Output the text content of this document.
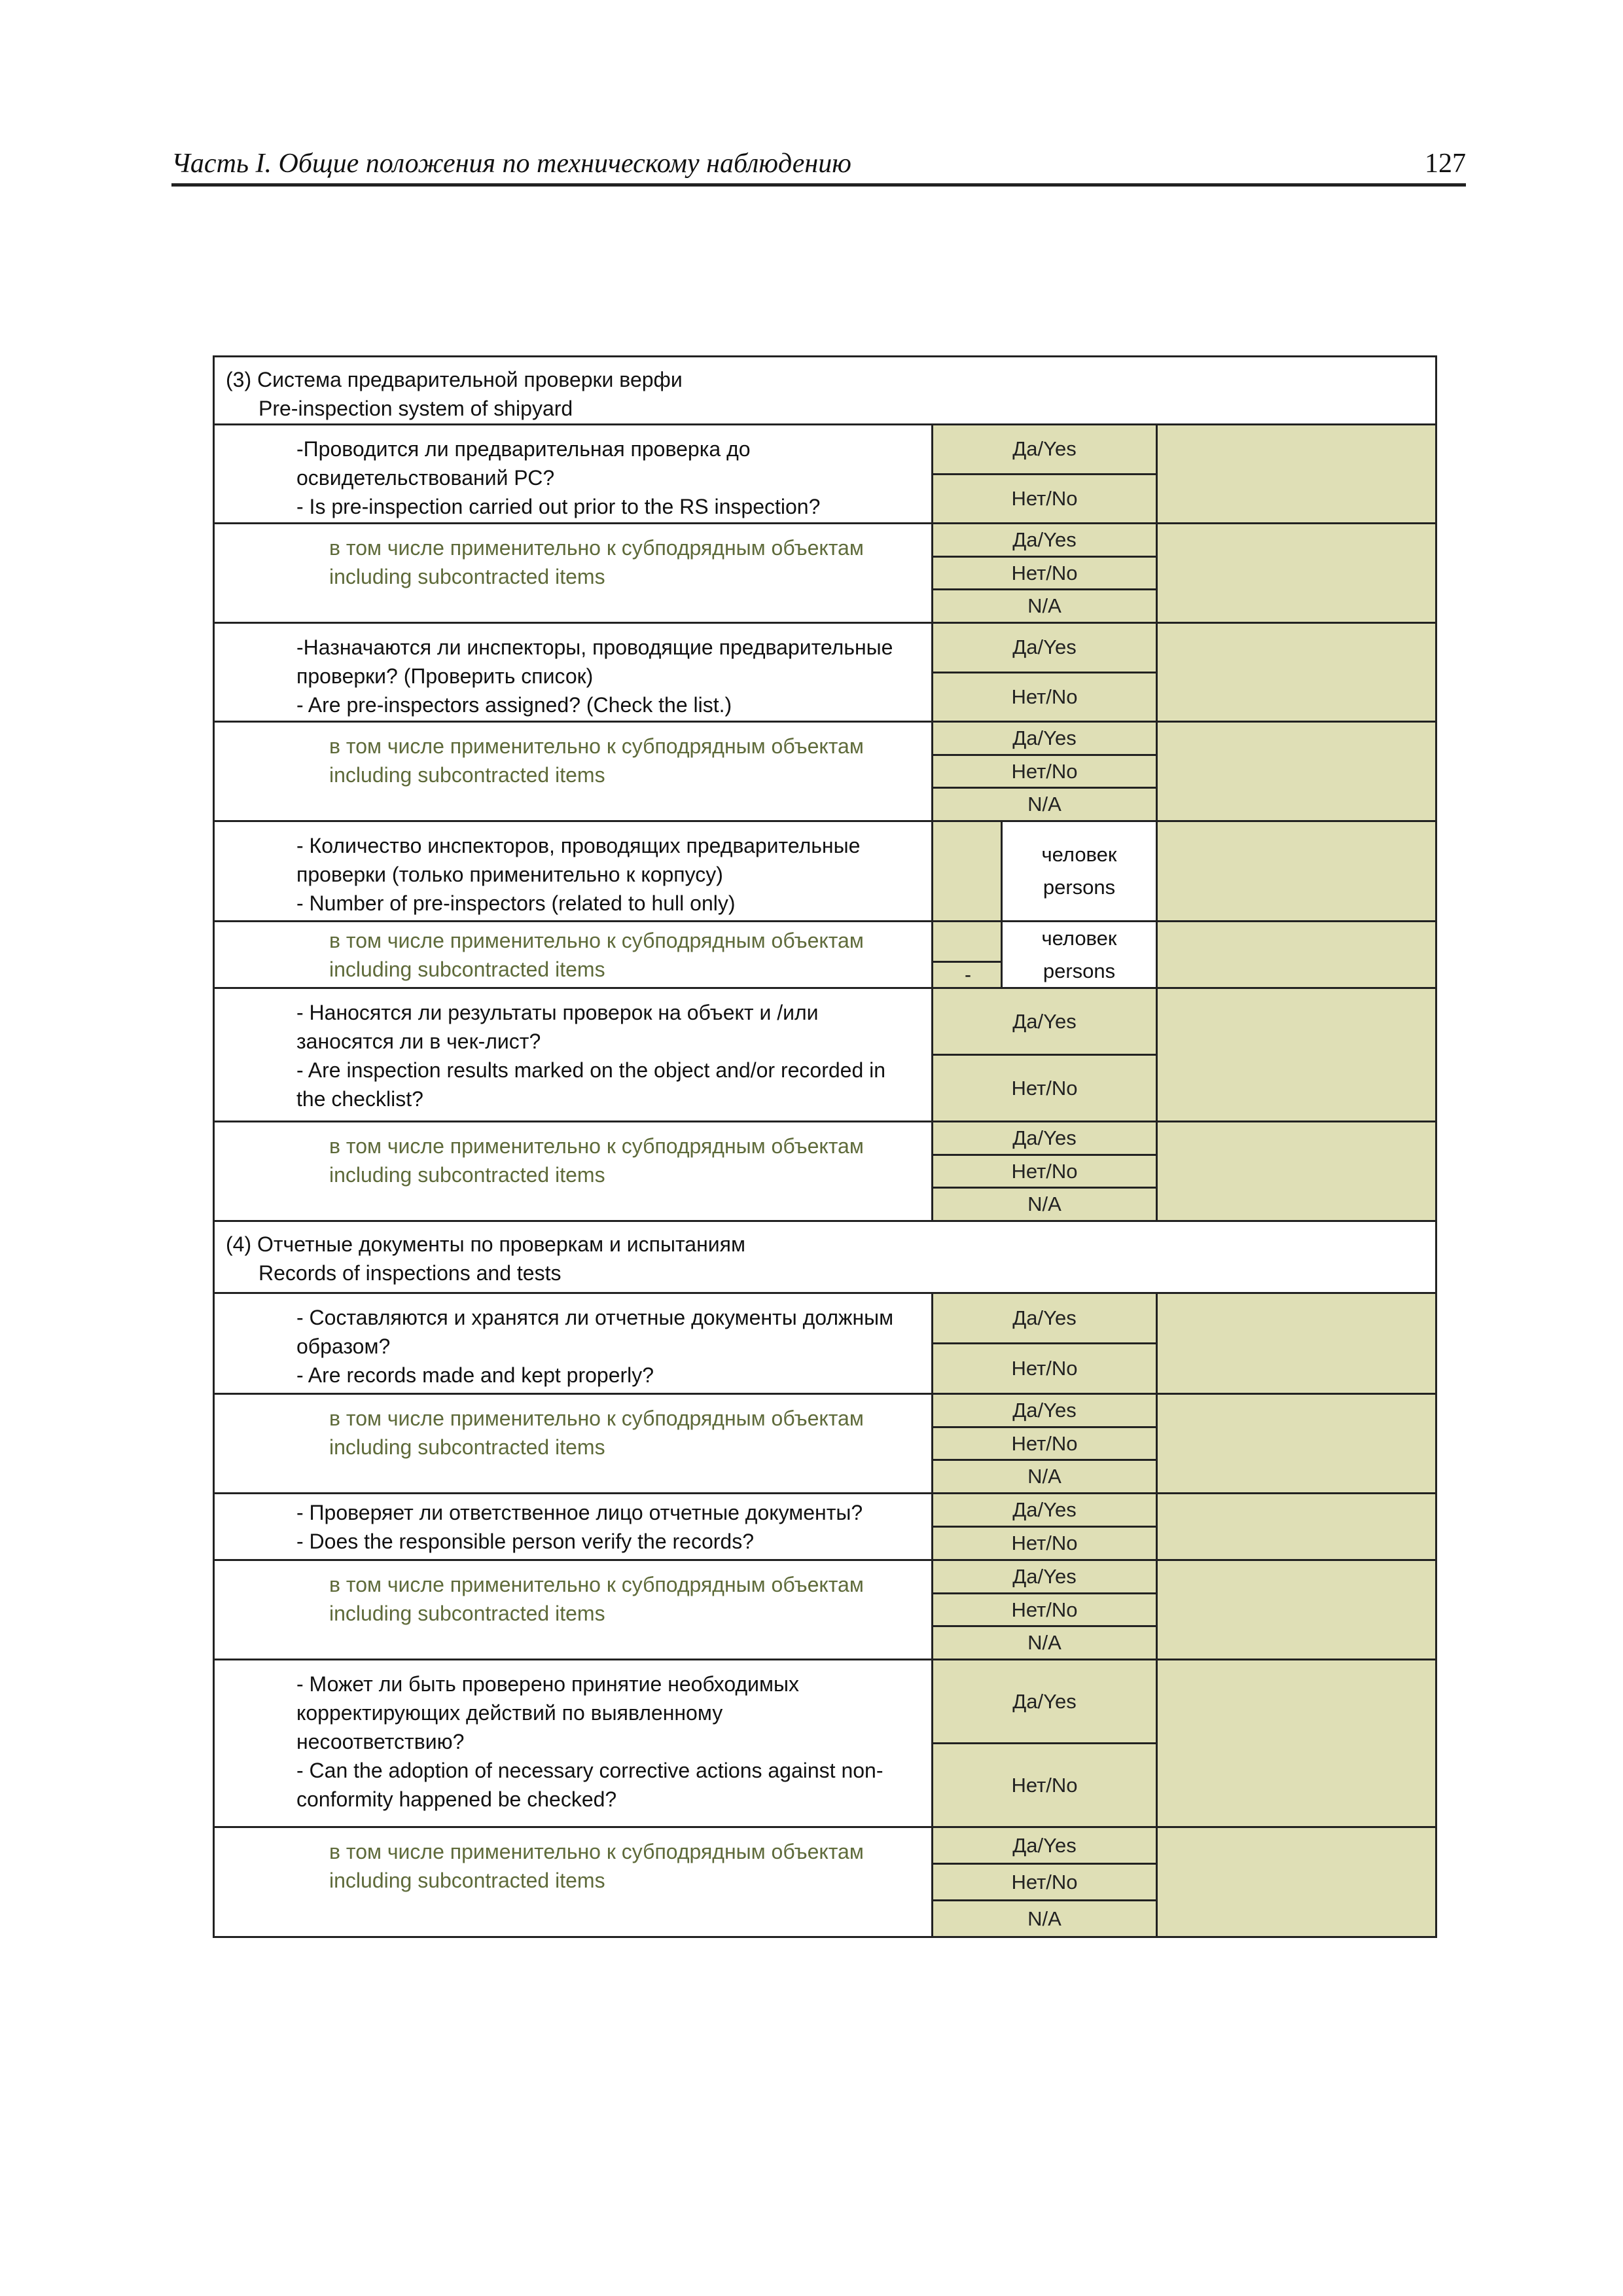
Часть I. Общие положения по техническому наблюдению	127
(3) Система предварительной проверки верфи
Pre-inspection system of shipyard
-Проводится ли предварительная проверка до
освидетельствований РС?
- Is pre-inspection carried out prior to the RS inspection?
Да/Yes
Нет/No
в том числе применительно к субподрядным объектам
including subcontracted items
Да/Yes
Нет/No
N/A
-Назначаются ли инспекторы, проводящие предварительные
проверки? (Проверить список)
- Are pre-inspectors assigned? (Check the list.)
Да/Yes
Нет/No
в том числе применительно к субподрядным объектам
including subcontracted items
Да/Yes
Нет/No
N/A
- Количество инспекторов, проводящих предварительные
проверки (только применительно к корпусу)
- Number of pre-inspectors (related to hull only)
человек
persons
в том числе применительно к субподрядным объектам
including subcontracted items	-
человек
persons
- Наносятся ли результаты проверок на объект и /или
заносятся ли в чек-лист?
- Are inspection results marked on the object and/or recorded in
the checklist?
Да/Yes
Нет/No
в том числе применительно к субподрядным объектам
including subcontracted items
Да/Yes
Нет/No
N/A
(4) Отчетные документы по проверкам и испытаниям
Records of inspections and tests
- Составляются и хранятся ли отчетные документы должным
образом?
- Are records made and kept properly?
Да/Yes
Нет/No
в том числе применительно к субподрядным объектам
including subcontracted items
Да/Yes
Нет/No
N/A
- Проверяет ли ответственное лицо отчетные документы?
- Does the responsible person verify the records?
Да/Yes
Нет/No
в том числе применительно к субподрядным объектам
including subcontracted items
Да/Yes
Нет/No
N/A
- Может ли быть проверено принятие необходимых
корректирующих действий по выявленному
несоответствию?
- Can the adoption of necessary corrective actions against non-
conformity happened be checked?
Да/Yes
Нет/No
в том числе применительно к субподрядным объектам
including subcontracted items
Да/Yes
Нет/No
N/A
